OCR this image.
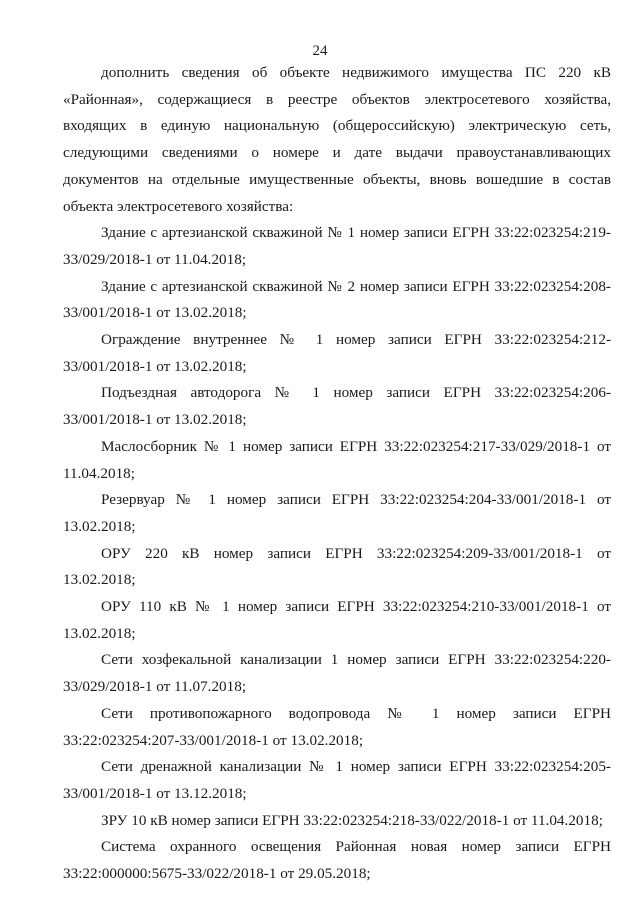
24

дополнить сведения об объекте недвижимого имущества ПС 220 кВ «Районная», содержащиеся в реестре объектов электросетевого хозяйства, входящих в единую национальную (общероссийскую) электрическую сеть, следующими сведениями о номере и дате выдачи правоустанавливающих документов на отдельные имущественные объекты, вновь вошедшие в состав объекта электросетевого хозяйства:

Здание с артезианской скважиной № 1 номер записи ЕГРН 33:22:023254:219-33/029/2018-1 от 11.04.2018;

Здание с артезианской скважиной № 2 номер записи ЕГРН 33:22:023254:208-33/001/2018-1 от 13.02.2018;

Ограждение внутреннее № 1 номер записи ЕГРН 33:22:023254:212-33/001/2018-1 от 13.02.2018;

Подъездная автодорога № 1 номер записи ЕГРН 33:22:023254:206-33/001/2018-1 от 13.02.2018;

Маслосборник № 1 номер записи ЕГРН 33:22:023254:217-33/029/2018-1 от 11.04.2018;

Резервуар № 1 номер записи ЕГРН 33:22:023254:204-33/001/2018-1 от 13.02.2018;

ОРУ 220 кВ номер записи ЕГРН 33:22:023254:209-33/001/2018-1 от 13.02.2018;

ОРУ 110 кВ № 1 номер записи ЕГРН 33:22:023254:210-33/001/2018-1 от 13.02.2018;

Сети хозфекальной канализации 1 номер записи ЕГРН 33:22:023254:220-33/029/2018-1 от 11.07.2018;

Сети противопожарного водопровода № 1 номер записи ЕГРН 33:22:023254:207-33/001/2018-1 от 13.02.2018;

Сети дренажной канализации № 1 номер записи ЕГРН 33:22:023254:205-33/001/2018-1 от 13.12.2018;

ЗРУ 10 кВ номер записи ЕГРН 33:22:023254:218-33/022/2018-1 от 11.04.2018;

Система охранного освещения Районная новая номер записи ЕГРН 33:22:000000:5675-33/022/2018-1 от 29.05.2018;
